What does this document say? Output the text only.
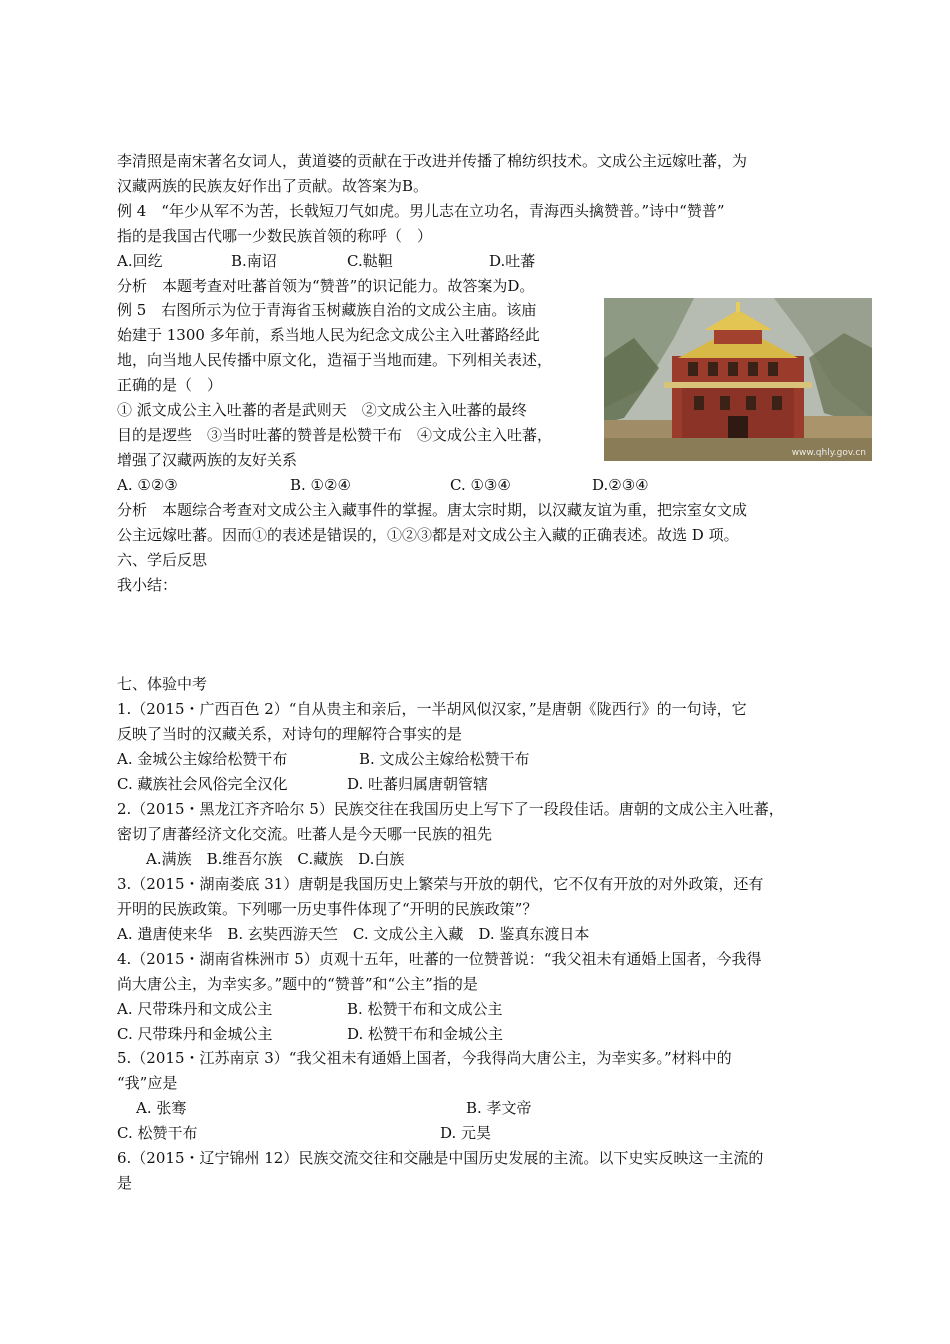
李清照是南宋著名女词人，黄道婆的贡献在于改进并传播了棉纺织技术。文成公主远嫁吐蕃，为
汉藏两族的民族友好作出了贡献。故答案为B。
例 4　“年少从军不为苦，长戟短刀气如虎。男儿志在立功名，青海西头擒赞普。”诗中“赞普”
指的是我国古代哪一少数民族首领的称呼（　）
A.回纥	B.南诏	C.鞑靼	D.吐蕃
分析　本题考查对吐蕃首领为“赞普”的识记能力。故答案为D。
例 5　右图所示为位于青海省玉树藏族自治的文成公主庙。该庙
始建于 1300 多年前，系当地人民为纪念文成公主入吐蕃路经此
地，向当地人民传播中原文化，造福于当地而建。下列相关表述，
正确的是（　）
① 派文成公主入吐蕃的者是武则天　②文成公主入吐蕃的最终
目的是逻些　③当时吐蕃的赞普是松赞干布　④文成公主入吐蕃，
增强了汉藏两族的友好关系
A. ①②③	B. ①②④	C. ①③④	D.②③④
分析　本题综合考查对文成公主入藏事件的掌握。唐太宗时期，以汉藏友谊为重，把宗室女文成
公主远嫁吐蕃。因而①的表述是错误的，①②③都是对文成公主入藏的正确表述。故选 D 项。
六、学后反思
我小结：
七、体验中考
1.（2015・广西百色 2）“自从贵主和亲后，一半胡风似汉家，”是唐朝《陇西行》的一句诗，它
反映了当时的汉藏关系，对诗句的理解符合事实的是
A. 金城公主嫁给松赞干布	B. 文成公主嫁给松赞干布
C. 藏族社会风俗完全汉化	D. 吐蕃归属唐朝管辖
2.（2015・黑龙江齐齐哈尔 5）民族交往在我国历史上写下了一段段佳话。唐朝的文成公主入吐蕃，
密切了唐蕃经济文化交流。吐蕃人是今天哪一民族的祖先
A.满族　B.维吾尔族　C.藏族　D.白族
3.（2015・湖南娄底 31）唐朝是我国历史上繁荣与开放的朝代，它不仅有开放的对外政策，还有
开明的民族政策。下列哪一历史事件体现了“开明的民族政策”？
A. 遣唐使来华　B. 玄奘西游天竺　C. 文成公主入藏　D. 鉴真东渡日本
4.（2015・湖南省株洲市 5）贞观十五年，吐蕃的一位赞普说：“我父祖未有通婚上国者，今我得
尚大唐公主，为幸实多。”题中的“赞普”和“公主”指的是
A. 尺带珠丹和文成公主	B. 松赞干布和文成公主
C. 尺带珠丹和金城公主	D. 松赞干布和金城公主
5.（2015・江苏南京 3）“我父祖未有通婚上国者，今我得尚大唐公主，为幸实多。”材料中的
“我”应是
A. 张骞	B. 孝文帝
C. 松赞干布	D. 元昊
6.（2015・辽宁锦州 12）民族交流交往和交融是中国历史发展的主流。以下史实反映这一主流的
是
www.qhly.gov.cn
